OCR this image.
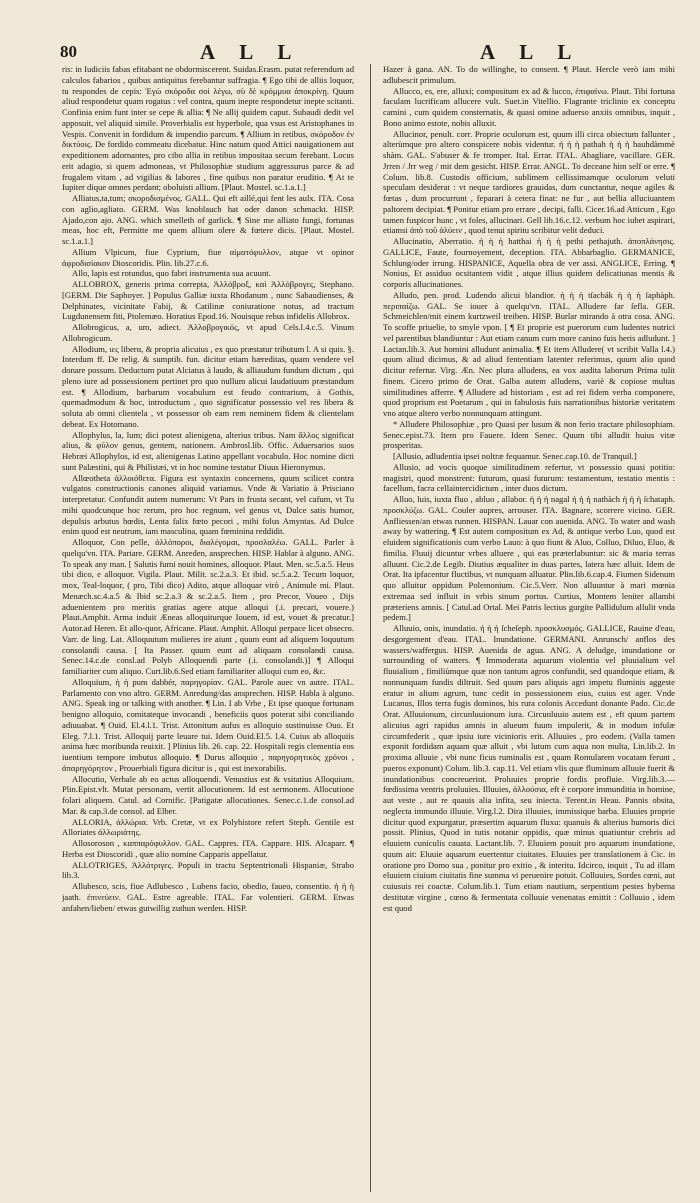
80	A L L	A L L

ris: in Iudiciis fabas efitabant ne obdormiscerent. Suidas.Erasm. putat referendum ad calculos fabarios , quibus antiquitus ferebantur suffragia. ¶ Ego tibi de alliis loquor, tu respondes de cepis: Ἐγὼ σκόροδα σοὶ λέγω, σὺ δὲ κρόμμυα ἀποκρίνῃ. Quum aliud respondetur quam rogatus : vel contra, quum inepte respondetur inepte scitanti. Confinia enim funt inter se cepe & allia: ¶ Ne allij quidem caput. Subaudi dedit vel apposuit, vel aliquid simile. Proverbialis est hyperbole, qua vsus est Aristophanes in Vespis. Convenit in fordidum & impendio parcum. ¶ Allium in retibus, σκόροδον ἐν δικτύοις. De fordido commeatu dicebatur. Hinc natum quod Attici nauigationem aut expeditionem adornantes, pro cibo allia in retibus impositaa secum ferebant. Locus erit adagio, si quem admoneas, vt Philosophiæ studium aggressurus parce & ad frugalem vitam , ad vigilias & labores , fine quibus non paratur eruditio. ¶ At te Iupiter dique omnes perdant; oboluisti allium. [Plaut. Mostel. sc.1.a.1.]

Alliatus,ta,tum; σκοροδισμένος. GALL. Qui eft aillé,qui fent les aulx. ITA. Cosa con aglio,agliato. GERM. Was knoblauch hat oder danon schmackt. HISP. Ajado,con ajo. ANG. which smelleth of garlick. ¶ Sine me alliato fungi, fortunas meas, hoc eft, Permitte me quem allium olere & fœtere dicis. [Plaut. Mostel. sc.1.a.1.]

Allium Vlpicum, fiue Cyprium, fiue αἱματόφυλλον, atque vt opinor ἀφροδισίακον Dioscoridis. Plin. lib.27.c.6.

Allo, lapis est rotundus, quo fabri instrumenta sua acuunt.

ALLOBROX, generis prima correpta, Ἀλλόβροξ, καὶ Ἀλλόβρογες, Stephano. [GERM. Die Saphoyer. ] Populus Galliæ iuxta Rhodanum , nunc Sabaudienses, & Delphinates, vicinitate Fabij, & Catilinæ coniuratione notus, ad tractum Lugdunensem fiti, Ptolemæo. Horatius Epod.16. Nouisque rebus infidelis Allobrox.

Allobrogicus, a, um, adiect. Ἀλλοβρογικός, vt apud Cels.l.4.c.5. Vinum Allobrogicum.

Allodium, ιες liberα, & propria alicuius , ex quo præstatur tributum l. A si quis. §. Interdum ff. De relig. & sumptib. fun. dicitur etiam hæreditas, quam vendere vel donare possum. Deductum putat Alciatus à laudo, & alliaudum fundum dictum , qui pleno iure ad possessionem pertinet pro quo nullum alicui laudatiuum præstandum est. ¶ Allodium, barbarum vocabulum est feudo contrarium, à Gothis, quemadmodum & hoc, introductum , quo significatur possessio vel res libera & soluta ab omni clientela , vt possessor ob eam rem neminem fidem & clientelam debeat. Ex Hotomano.

Allophylus, la, lum; dici potest alienigena, alterius tribus. Nam ἄλλος significat alius, & φῦλον genus, gentem, nationem. Ambrosl.lib. Offic. Aduersarios suos Hebræi Allophylos, id est, alienigenas Latino appellant vocabulo. Hoc nomine dicti sunt Palæstini, qui & Philistæi, vt in hoc nomine testatur Diuus Hieronymus.

Allœotheta ἀλλοιόθετα. Figura est syntaxin concernens, quum scilicet contra vulgatos constructionis canones aliquid variamus. Vnde & Variatio à Prisciano interpretatur. Confundit autem numerum: Vt Pars in frusta secant, vel cafum, vt Tu mihi quodcunque hoc rerum, pro hoc regnum, vel genus vt, Dulce satis humor, depulsis arbutus hœdis, Lenta falix fœto pecori , mihi folus Amyntas. Ad Dulce enim quod est neutrum, iam masculina, quam fœminina reddidit.

Alloquor, Con pelle, ἀλλόποροι, διαλέγομαι, προσλαλέω. GALL. Parler à quelqu'vn. ITA. Pariare. GERM. Anreden, ansprechen. HISP. Hablar à alguno. ANG. To speak any man. [ Salutis fumi nouit homines, alloquor. Plaut. Men. sc.5.a.5. Heus tibi dico, e alloquor. Vigila. Plaut. Milit. sc.2.a.3. Et ibid. sc.5.a.2. Tecum loquor, mox, Teal-loquor, ( pro, Tibi dico) Adito, atque alloquar virò , Animule mi. Plaut. Menæch.sc.4.a.5 & Ibid sc.2.a.3 & sc.2.a.5. Item , pro Precor, Voueo , Dijs aduenientem pro meritis gratias agere atque alloqui (.i. precari, vouere.) Plaut.Amphit. Arma induit Æneas alloquiturque Iouem, id est, vouet & precatur.] Autor.ad Heren. Et allo-quor, Africane. Plaut. Amphit. Alloqui perpace licet obsecro. Varr. de ling. Lat. Alloquutum mulieres ire aiunt , quum eunt ad aliquem loquutum consolandi causa. [ Ita Passer. quum eunt ad aliquam consolandi causa. Senec.14.c.de consl.ad Polyb Alloquendi parte (.i. consolandi.)] ¶ Alloqui familiariter cum aliquo. Curt.lib.6.Sed etiam familiariter alloqui cum eo, &c.

Alloquium, ἡ ἡ pum dabbér, παρηγορίαν. GAL. Parole auec vn autre. ITAL. Parlamento con vno altro. GERM. Anredung/das ansprechen. HISP. Habla à alguno. ANG. Speak ing or talking with another. ¶ Lin. I ab Vrbe , Et ipse quoque fortunam benigno alloquio, comitateque invocandi , beneficiis quos poterat sibi conciliando adiuuabat. ¶ Ouid. El.4.l.1. Trist. Attonitum aufus es alloquio sustinuisse Ouo. Et Eleg. 7.l.1. Trist. Alloquij parte leuare tui. Idem Ouid.El.5. l.4. Cuius ab alloquiis anima hæc moribunda reuixit. ] Plinius lib. 26. cap. 22. Hospitali regis clementia eos iuentium tempore imbutus alloquio. ¶ Durus alloquio , παρηγορητικὸς χρόνοι , ἀπαρηγόρητον , Prouerbiali figura dicitur is , qui est inexorabilis.

Allocutio, Verbale ab eo actus alloquendi. Venustius est & vsitatius Alloquium. Plin.Epist.vlt. Mutat personam, vertit allocutionem. Id est sermonem. Allocutione folari aliquem. Catul. ad Cornific. [Patigatæ allocutiones. Senec.c.1.de consol.ad Mar. & cap.3.de consol. ad Elber.

ALLORIA, ἀλλώρια. Vrb. Cretæ, vt ex Polyhistore refert Steph. Gentile est Alloriates ἀλλωριάτης.

Allosoroson , καππαρόφυλλον. GAL. Cappres. ITA. Cappare. HIS. Alcaparr. ¶ Herba est Dioscoridi , quæ alio nomine Capparis appellatur.

ALLOTRIGES, Ἀλλότριγες. Populi in tractu Septentrionali Hispaniæ, Strabo lib.3.

Allubesco, scis, fiue Adlubesco , Lubens facio, obedio, faueo, consentio. ἡ ἡ ἡ jaath. ἐπινεύειν. GAL. Estre agreable. ITAL. Far volentieri. GERM. Etwas anfahen/lieben/ etwas gutwillig zuthun werden. HISP.

Hazer à gana. AN. To do willinghe, to consent. ¶ Plaut. Hercle verò iam mihi adlubescit primulum.

Allucco, es, ere, alluxi; compositum ex ad & lucco, ἐπιφαίνω. Plaut. Tibi fortuna faculam lucrificam allucere vult. Suet.in Vitellio. Flagrante triclinio ex conceptu camini , cum quidem consternatis, & quasi omine aduerso anxiis omnibus, inquit , Bono animo estote, nobis alluxit.

Allucinor, penult. corr. Proprie oculorum est, quum illi circa obiectum fallunter , alterùmque pro altero conspicere nobis videntur. ἡ ἡ ἡ pathah ἡ ἡ ἡ hauhdàmmè shàm. GAL. S'abuser & fe tromper. Ital. Errar. ITAL. Abagliare, vacillare. GER. Jrren / Jrr weg / mit dem gesicht. HISP. Errar. ANGL. To deceane him self or erre. ¶ Colum. lib.8. Custodis officium, sublimem cellissimamque oculorum veluti speculam desiderat : vt neque tardiores grauidas, dum cunctantur, neque agiles & fœtas , dum procurrunt , feparari à cetera finat: ne fur , aut bellia alluciuantem paltorem decipiat. ¶ Ponitur etiam pro errare , decipi, falli. Cicer.16.ad Atticum , Ego tamen fuspicor hunc , vt foles, allucinari. Gell lib.16.c.12. verbum hoc iubet aspirari, etiamsi ἀπὸ τοῦ ἀλύειν , quod tenui spiritu scribitur velit deduci.

Allucinatio, Aberratio. ἡ ἡ ἡ hatthai ἡ ἡ ἡ pethi pethajuth. ἀποπλάνησις. GALLICE, Faute, fournoyement, deception. ITA. Abbarbaglio. GERMANICE, Schlung/oder irrung. HISPANICE, Aquella obra de ver assi. ANGLICE, Erring. ¶ Nonius, Et assiduo ocsitantem vidit , atque illius quidem delicatiunas mentis & corporis allucinationes.

Alludo, pen. prod. Ludendo alicui blandior. ἡ ἡ ἡ tſacbák ἡ ἡ ἡ ſaphàph. περιπαίζω. GAL. Se iouer à quelqu'vn. ITAL. Alludere far ſefla. GER. Schmeichlen/mit einem kurtzweil treiben. HISP. Burlar mirando à otra cosa. ANG. To scoffe priuelie, to smyle vpon. [ ¶ Et proprie est puerorum cum ludentes nutrici vel parentibus blandiuntur : Aut etiam canum cum more canino fuis heris adludunt. ] Lactan.lib.3. Aut homini alludunt animalia. ¶ Et item Alludere( vt scribit Valla l.4.) quum aliud dicimus, & ad aliud fententiam latenter referimus, quum alio quod dicitur refertur. Virg. Æn. Nec plura alludens, ea vox audita laborum Prima tulit finem. Cicero primo de Orat. Galba autem alludens, variè & copiose multas similitudines afferre. ¶ Alludere ad historiam , est ad rei fidem verba componere, quod proprium est Poetarum , qui in fabulosis fuis narrationibus historiæ veritatem vno atque altero verbo nonnunquam attingunt.

* Alludere Philosophiæ , pro Quasi per lusum & non ferio tractare philosophiam. Senec.epist.73. Item pro Fauere. Idem Senec. Quum tibi alludit huius vitæ prosperitas.

[Allusio, adludentia ipsei noltræ fequamur. Senec.cap.10. de Tranquil.]

Allusio, ad vocis quoque similitudinem refertur, vt possessio quasi potitio: magistri, quod monstrent: futurum, quasi futurum: testamentum, testatio mentis : facellum, facra cellaintercidictum , inter duos dictum.

Alluo, luis, iuxta fluo , abluo , allabor. ἡ ἡ ἡ nagal ἡ ἡ ἡ nathàch ἡ ἡ ἡ ſchataph. προσκλύζω. GAL. Couler aupres, arrouser. ITA. Bagnare, scorrere vicino. GER. Anfliessen/an etwas runnen. HISPAN. Lauar con auenida. ANG. To water and wash away by wattering. ¶ Est autem compositum ex Ad, & antique verbo Luo, quod est eluidem significationis cum verbo Lauo: à quo fiunt & Aluo, Colluo, Diluo, Eluo, & fimilia. Fluuij dicuntur vrbes alluere , qui eas præterlabuntur: sic & maria terras alluunt. Cic.2.de Legib. Diutius æqualiter in duas partes, latera hæc alluit. Idem de Orat. Ita ipfacentur fluctibus, vt nunquam alluatur. Plin.lib.6.cap.4. Fiumen Sidenum quo alluitur oppidum Polemonium. Cic.5.Verr. Non alluuntur à mari mœnia extremaa sed influit in vrbis sinum portus. Curtius, Montem leniter allambi præteriens amnis. [ Catul.ad Ortal. Mei Patris lectius gurgite Pallidulum allulit vnda pedem.]

Alluuio, onis, inundatio. ἡ ἡ ἡ ſcheſeph. προσκλυσμός. GALLICE, Rauine d'eau, desgorgement d'eau. ITAL. Inundatione. GERMANI. Anrunsch/ anflos des wassers/waffergus. HISP. Auenida de agua. ANG. A deludge, inundatione or surrounding of watters. ¶ Immoderata aquarum violentia vel pluuialium vel fluuialium , fimiliùmque quæ non tantum agros confundit, sed quandoque etiam, & nonnunquam fundis diltruit. Sed quum pars aliquis agri impetu fluminis aggeste eratur in alium agrum, tunc cedit in possessionem eius, cuius est ager. Vnde Lucanus, Illos terra fugis dominos, his rura colonis Accedunt donante Pado. Cic.de Orat. Alluuionum, circunluuionum iura. Circunluuio autem est , eft quum partem alicuius agri rapidus amnis in alueum fuum impulerit, & in modum infulæ circumfederit , quæ ipsiu iure vicinioris erit. Alluuies , pro eodem. (Valla tamen exponit fordidam aquam quæ alluit , vbi lutum cum aqua non multa, Lin.lib.2. In proxima alluuie , vbi nunc ficus ruminalis est , quam Romularem vocatam ferunt , pueros exponunt) Colum. lib.3. cap.11. Vel etiam vlis quæ fluminum alluuie fuerit & inundationibus concreuerint. Proluuies proprie fordis profluie. Virg.lib.3.— fœdissima ventris proluuies. Illuuies, ἀλλούσια, eft è corpore immunditia in homine, aut veste , aut re quauis alia infita, seu iniecta. Terent.in Heau. Pannis obsita, neglecta immundo illuuie. Virg.l.2. Dira illuuies, immissique barba. Eluuies proprie dicitur quod expurgatur, præsertim aquarum fluxu: quanuis & alterius humoris dici possit. Plinius, Quod in tutis notatur oppidis, quæ minus quatiuntur crebris ad eluuiem cuniculis cauata. Lactant.lib. 7. Eluuiem posuit pro aquarum inundatione, quum ait: Eluuie aquarum euertentur ciuitates. Eluuies per translationem à Cic. in oratione pro Domo sua , ponitur pro exitio , & interitu. Idcirco, inquit , Tu ad illam eluuiem ciuium ciuitatis fine summa vi peruenire potuit. Colluuies, Sordes cœni, aut cuiusuis rei coactæ. Colum.lib.1. Tum etiam nautium, serpentium pestes hyberna destitutæ virgine , cœno & fermentata colluuie venenatas emittit : Colluuio , idem est quod
